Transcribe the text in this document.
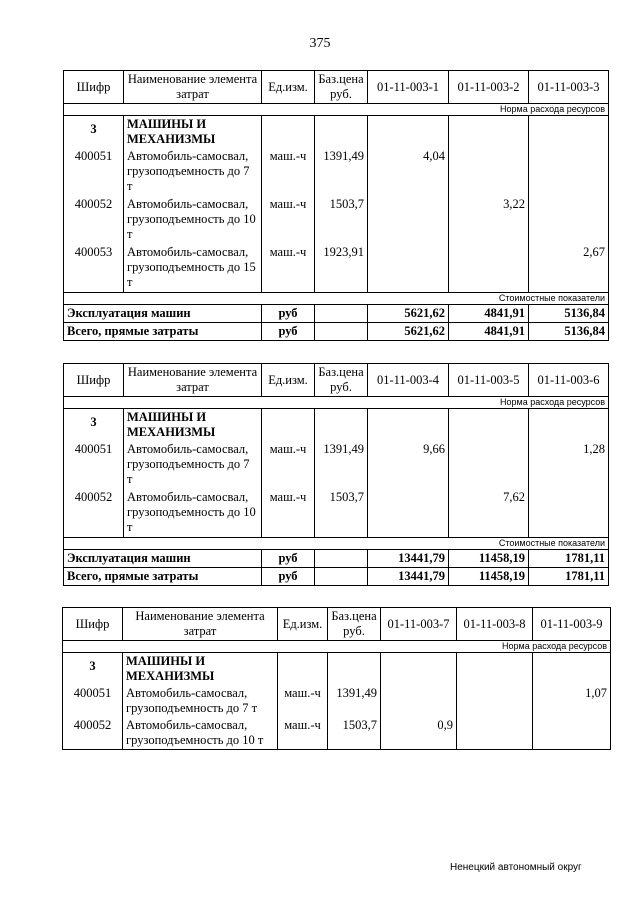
375
Шифр	Наименование элемента затрат	Ед.изм.	Баз.цена руб.	01-11-003-1	01-11-003-2	01-11-003-3
Норма расхода ресурсов						
3	МАШИНЫ И МЕХАНИЗМЫ					
400051	Автомобиль-самосвал, грузоподъемность до 7 т	маш.-ч	1391,49	4,04		
400052	Автомобиль-самосвал, грузоподъемность до 10 т	маш.-ч	1503,7		3,22	
400053	Автомобиль-самосвал, грузоподъемность до 15 т	маш.-ч	1923,91			2,67
Стоимостные показатели						
Эксплуатация машин		руб		5621,62	4841,91	5136,84
Всего, прямые затраты		руб		5621,62	4841,91	5136,84
Шифр	Наименование элемента затрат	Ед.изм.	Баз.цена руб.	01-11-003-4	01-11-003-5	01-11-003-6
Норма расхода ресурсов						
3	МАШИНЫ И МЕХАНИЗМЫ					
400051	Автомобиль-самосвал, грузоподъемность до 7 т	маш.-ч	1391,49	9,66		1,28
400052	Автомобиль-самосвал, грузоподъемность до 10 т	маш.-ч	1503,7		7,62	
Стоимостные показатели						
Эксплуатация машин		руб		13441,79	11458,19	1781,11
Всего, прямые затраты		руб		13441,79	11458,19	1781,11
Шифр	Наименование элемента затрат	Ед.изм.	Баз.цена руб.	01-11-003-7	01-11-003-8	01-11-003-9
Норма расхода ресурсов						
3	МАШИНЫ И МЕХАНИЗМЫ					
400051	Автомобиль-самосвал, грузоподъемность до 7 т	маш.-ч	1391,49			1,07
400052	Автомобиль-самосвал, грузоподъемность до 10 т	маш.-ч	1503,7	0,9		
Ненецкий автономный округ
